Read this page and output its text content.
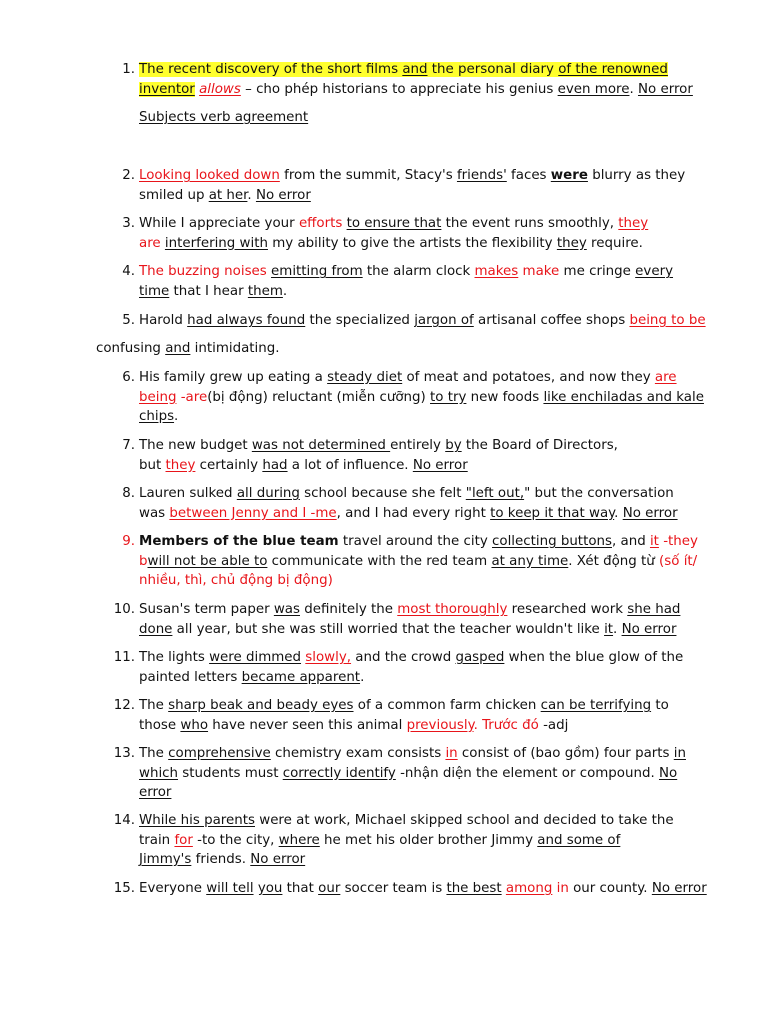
1. The recent discovery of the short films and the personal diary of the renowned
inventor allows – cho phép historians to appreciate his genius even more. No error
Subjects verb agreement
2. Looking looked down from the summit, Stacy's friends' faces were blurry as they
smiled up at her. No error
3. While I appreciate your efforts to ensure that the event runs smoothly, they
are interfering with my ability to give the artists the flexibility they require.
4. The buzzing noises emitting from the alarm clock makes make me cringe every
time that I hear them.
5. Harold had always found the specialized jargon of artisanal coffee shops being to be
confusing and intimidating.
6. His family grew up eating a steady diet of meat and potatoes, and now they are
being -are(bị động) reluctant (miễn cưỡng) to try new foods like enchiladas and kale
chips.
7. The new budget was not determined entirely by the Board of Directors,
but they certainly had a lot of influence. No error
8. Lauren sulked all during school because she felt "left out," but the conversation
was between Jenny and I -me, and I had every right to keep it that way. No error
9. Members of the blue team travel around the city collecting buttons, and it -they
bwill not be able to communicate with the red team at any time. Xét động từ (số ít/
nhiều, thì, chủ động bị động)
10. Susan's term paper was definitely the most thoroughly researched work she had
done all year, but she was still worried that the teacher wouldn't like it. No error
11. The lights were dimmed slowly, and the crowd gasped when the blue glow of the
painted letters became apparent.
12. The sharp beak and beady eyes of a common farm chicken can be terrifying to
those who have never seen this animal previously. Trước đó -adj
13. The comprehensive chemistry exam consists in consist of (bao gồm) four parts in
which students must correctly identify -nhận diện the element or compound. No
error
14. While his parents were at work, Michael skipped school and decided to take the
train for -to the city, where he met his older brother Jimmy and some of
Jimmy's friends. No error
15. Everyone will tell you that our soccer team is the best among in our county. No error
